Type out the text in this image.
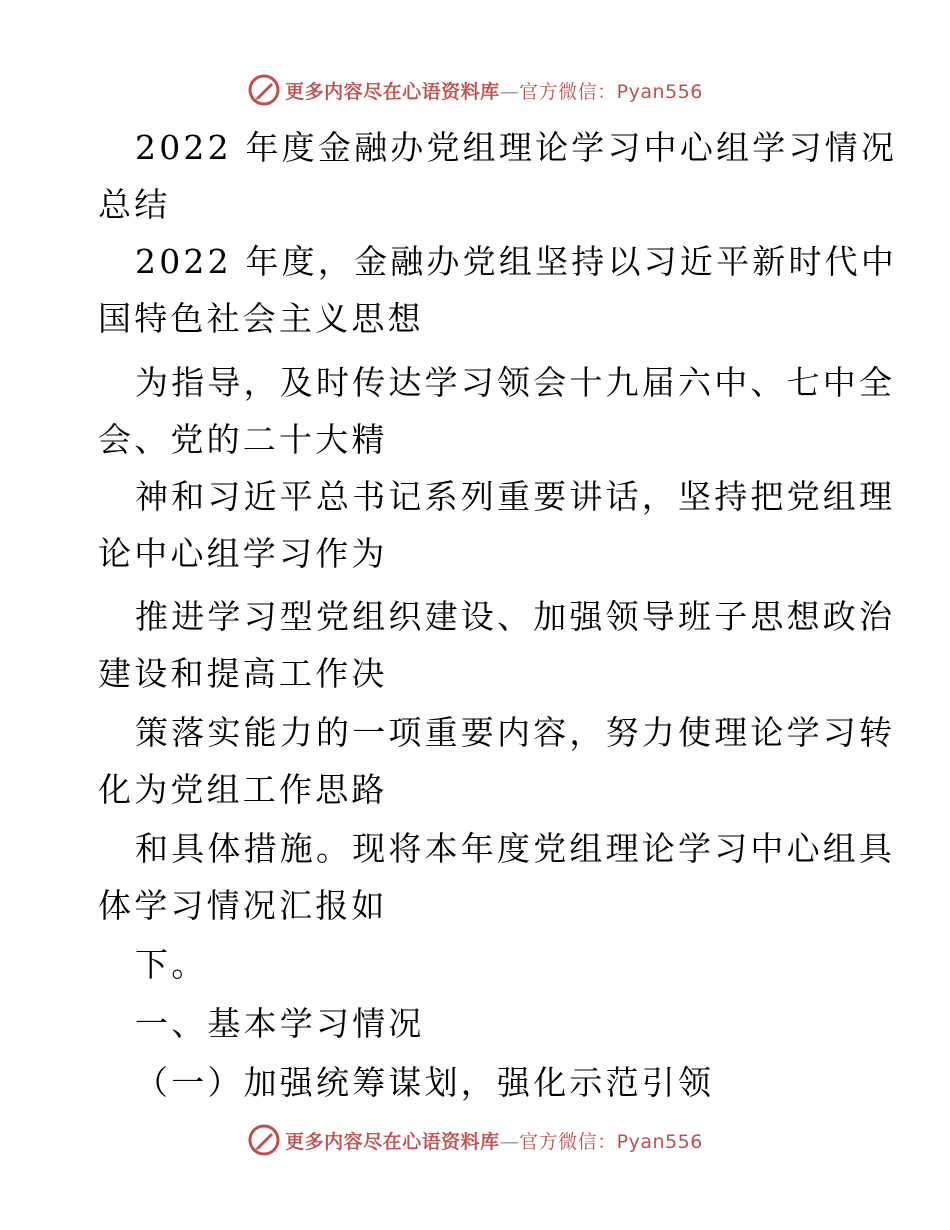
更多内容尽在心语资料库—官方微信：Pyan556
2022 年度金融办党组理论学习中心组学习情况
总结
2022 年度，金融办党组坚持以习近平新时代中
国特色社会主义思想
为指导，及时传达学习领会十九届六中、七中全
会、党的二十大精
神和习近平总书记系列重要讲话，坚持把党组理
论中心组学习作为
推进学习型党组织建设、加强领导班子思想政治
建设和提高工作决
策落实能力的一项重要内容，努力使理论学习转
化为党组工作思路
和具体措施。现将本年度党组理论学习中心组具
体学习情况汇报如
下。
一、基本学习情况
（一）加强统筹谋划，强化示范引领
更多内容尽在心语资料库—官方微信：Pyan556
